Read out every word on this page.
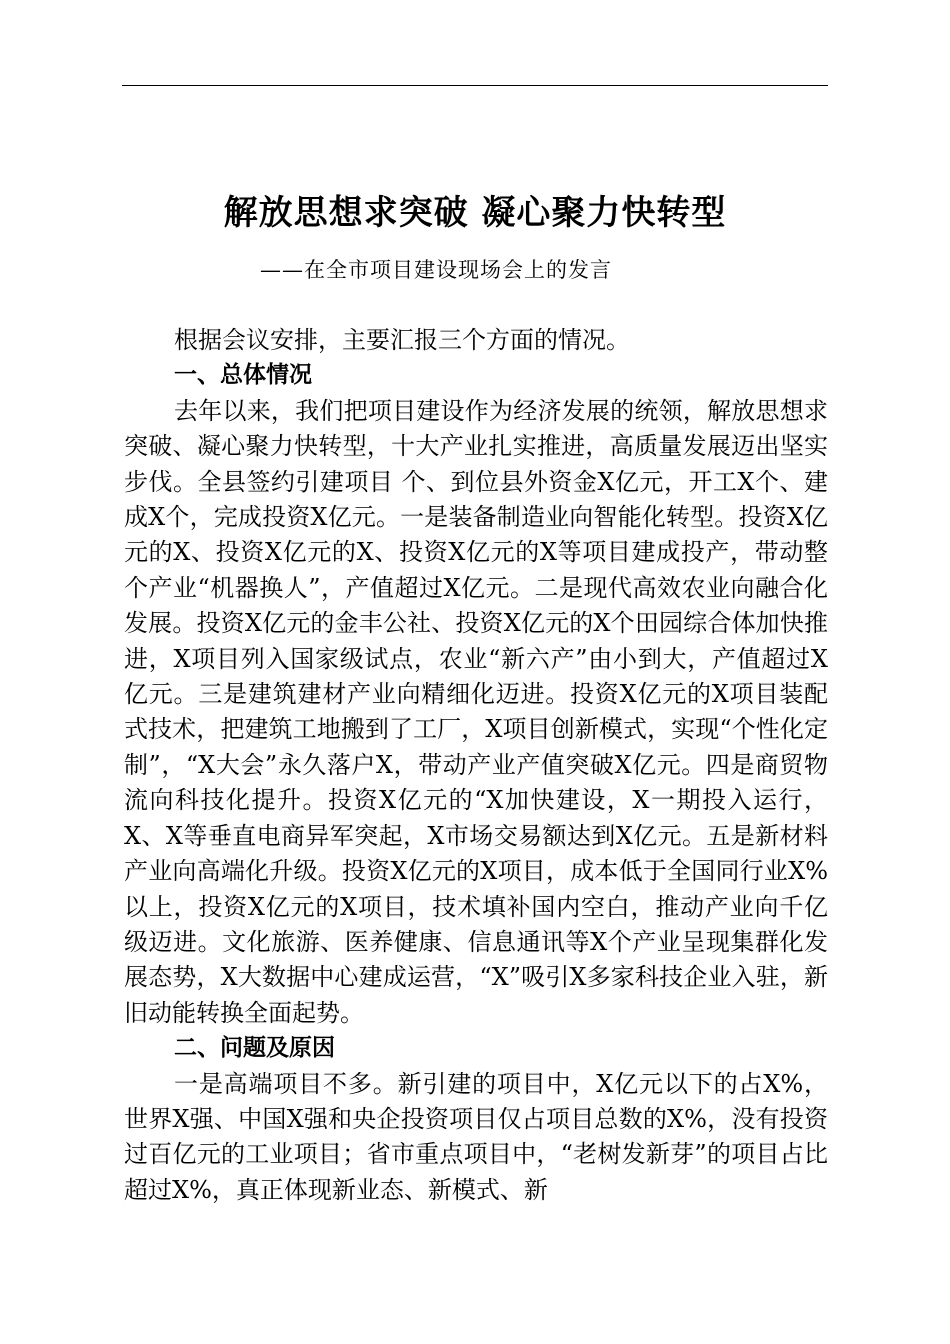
解放思想求突破 凝心聚力快转型

——在全市项目建设现场会上的发言

根据会议安排，主要汇报三个方面的情况。

一、总体情况

去年以来，我们把项目建设作为经济发展的统领，解放思想求突破、凝心聚力快转型，十大产业扎实推进，高质量发展迈出坚实步伐。全县签约引建项目 个、到位县外资金X亿元，开工X个、建成X个，完成投资X亿元。一是装备制造业向智能化转型。投资X亿元的X、投资X亿元的X、投资X亿元的X等项目建成投产，带动整个产业“机器换人”，产值超过X亿元。二是现代高效农业向融合化发展。投资X亿元的金丰公社、投资X亿元的X个田园综合体加快推进，X项目列入国家级试点，农业“新六产”由小到大，产值超过X亿元。三是建筑建材产业向精细化迈进。投资X亿元的X项目装配式技术，把建筑工地搬到了工厂，X项目创新模式，实现“个性化定制”，“X大会”永久落户X，带动产业产值突破X亿元。四是商贸物流向科技化提升。投资X亿元的“X加快建设，X一期投入运行，X、X等垂直电商异军突起，X市场交易额达到X亿元。五是新材料产业向高端化升级。投资X亿元的X项目，成本低于全国同行业X%以上，投资X亿元的X项目，技术填补国内空白，推动产业向千亿级迈进。文化旅游、医养健康、信息通讯等X个产业呈现集群化发展态势，X大数据中心建成运营，“X”吸引X多家科技企业入驻，新旧动能转换全面起势。

二、问题及原因

一是高端项目不多。新引建的项目中，X亿元以下的占X%，世界X强、中国X强和央企投资项目仅占项目总数的X%，没有投资过百亿元的工业项目；省市重点项目中，“老树发新芽”的项目占比超过X%，真正体现新业态、新模式、新
